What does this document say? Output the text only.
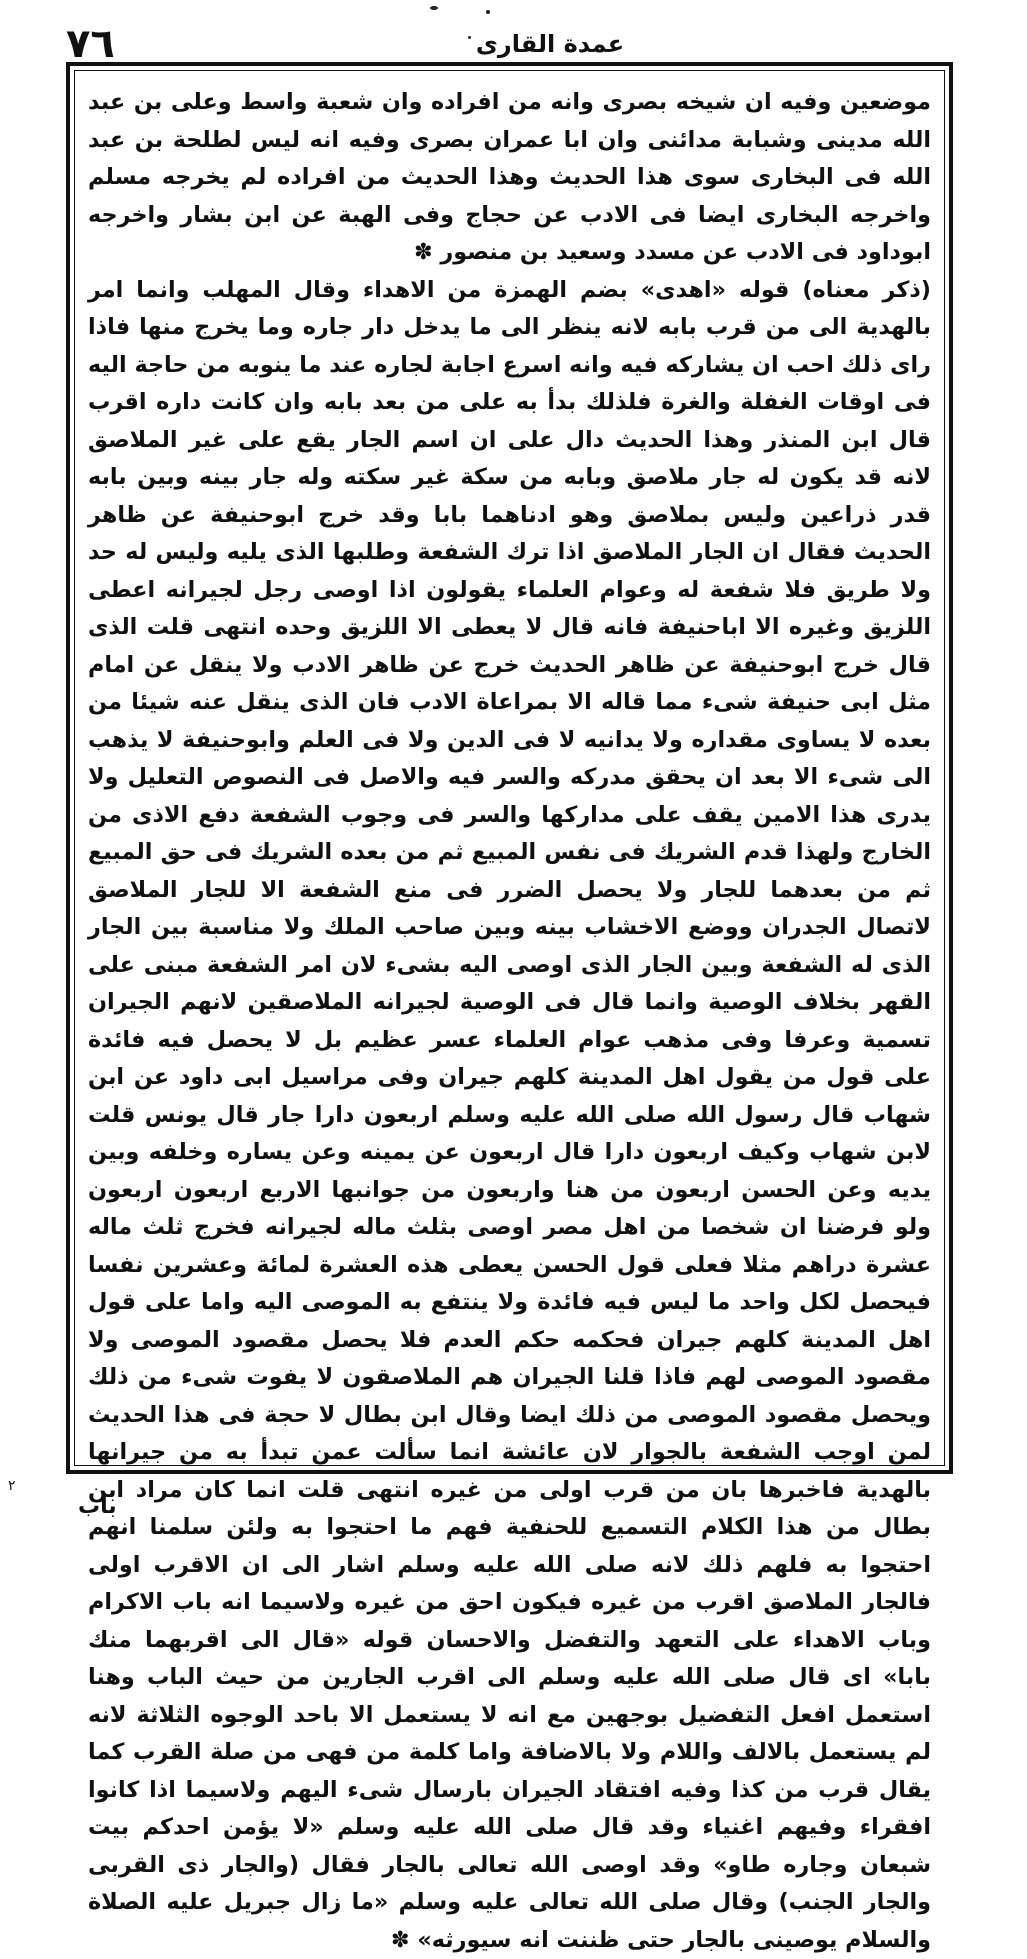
٧٦	عمدة القاری

موضعين وفيه ان شيخه بصرى وانه من افراده وان شعبة واسط وعلى بن عبد الله مدينى وشبابة مدائنى وان ابا عمران بصرى وفيه انه ليس لطلحة بن عبد الله فى البخارى سوى هذا الحديث وهذا الحديث من افراده لم يخرجه مسلم واخرجه البخارى ايضا فى الادب عن حجاج وفى الهبة عن ابن بشار واخرجه ابوداود فى الادب عن مسدد وسعيد بن منصور ✽

(ذكر معناه) قوله «اهدى» بضم الهمزة من الاهداء وقال المهلب وانما امر بالهدية الى من قرب بابه لانه ينظر الى ما يدخل دار جاره وما يخرج منها فاذا راى ذلك احب ان يشاركه فيه وانه اسرع اجابة لجاره عند ما ينوبه من حاجة اليه فى اوقات الغفلة والغرة فلذلك بدأ به على من بعد بابه وان كانت داره اقرب قال ابن المنذر وهذا الحديث دال على ان اسم الجار يقع على غير الملاصق لانه قد يكون له جار ملاصق وبابه من سكة غير سكته وله جار بينه وبين بابه قدر ذراعين وليس بملاصق وهو ادناهما بابا وقد خرج ابوحنيفة عن ظاهر الحديث فقال ان الجار الملاصق اذا ترك الشفعة وطلبها الذى يليه وليس له حد ولا طريق فلا شفعة له وعوام العلماء يقولون اذا اوصى رجل لجيرانه اعطى اللزيق وغيره الا اباحنيفة فانه قال لا يعطى الا اللزيق وحده انتهى قلت الذى قال خرج ابوحنيفة عن ظاهر الحديث خرج عن ظاهر الادب ولا ينقل عن امام مثل ابى حنيفة شىء مما قاله الا بمراعاة الادب فان الذى ينقل عنه شيئا من بعده لا يساوى مقداره ولا يدانيه لا فى الدين ولا فى العلم وابوحنيفة لا يذهب الى شىء الا بعد ان يحقق مدركه والسر فيه والاصل فى النصوص التعليل ولا يدرى هذا الامين يقف على مداركها والسر فى وجوب الشفعة دفع الاذى من الخارج ولهذا قدم الشريك فى نفس المبيع ثم من بعده الشريك فى حق المبيع ثم من بعدهما للجار ولا يحصل الضرر فى منع الشفعة الا للجار الملاصق لاتصال الجدران ووضع الاخشاب بينه وبين صاحب الملك ولا مناسبة بين الجار الذى له الشفعة وبين الجار الذى اوصى اليه بشىء لان امر الشفعة مبنى على القهر بخلاف الوصية وانما قال فى الوصية لجيرانه الملاصقين لانهم الجيران تسمية وعرفا وفى مذهب عوام العلماء عسر عظيم بل لا يحصل فيه فائدة على قول من يقول اهل المدينة كلهم جيران وفى مراسيل ابى داود عن ابن شهاب قال رسول الله صلى الله عليه وسلم اربعون دارا جار قال يونس قلت لابن شهاب وكيف اربعون دارا قال اربعون عن يمينه وعن يساره وخلفه وبين يديه وعن الحسن اربعون من هنا واربعون من جوانبها الاربع اربعون اربعون ولو فرضنا ان شخصا من اهل مصر اوصى بثلث ماله لجيرانه فخرج ثلث ماله عشرة دراهم مثلا فعلى قول الحسن يعطى هذه العشرة لمائة وعشرين نفسا فيحصل لكل واحد ما ليس فيه فائدة ولا ينتفع به الموصى اليه واما على قول اهل المدينة كلهم جيران فحكمه حكم العدم فلا يحصل مقصود الموصى ولا مقصود الموصى لهم فاذا قلنا الجيران هم الملاصقون لا يفوت شىء من ذلك ويحصل مقصود الموصى من ذلك ايضا وقال ابن بطال لا حجة فى هذا الحديث لمن اوجب الشفعة بالجوار لان عائشة انما سألت عمن تبدأ به من جيرانها بالهدية فاخبرها بان من قرب اولى من غيره انتهى قلت انما كان مراد ابن بطال من هذا الكلام التسميع للحنفية فهم ما احتجوا به ولئن سلمنا انهم احتجوا به فلهم ذلك لانه صلى الله عليه وسلم اشار الى ان الاقرب اولى فالجار الملاصق اقرب من غيره فيكون احق من غيره ولاسيما انه باب الاكرام وباب الاهداء على التعهد والتفضل والاحسان قوله «قال الى اقربهما منك بابا» اى قال صلى الله عليه وسلم الى اقرب الجارين من حيث الباب وهنا استعمل افعل التفضيل بوجهين مع انه لا يستعمل الا باحد الوجوه الثلاثة لانه لم يستعمل بالالف واللام ولا بالاضافة واما كلمة من فهى من صلة القرب كما يقال قرب من كذا وفيه افتقاد الجيران بارسال شىء اليهم ولاسيما اذا كانوا افقراء وفيهم اغنياء وقد قال صلى الله عليه وسلم «لا يؤمن احدكم بيت شبعان وجاره طاو» وقد اوصى الله تعالى بالجار فقال (والجار ذى القربى والجار الجنب) وقال صلى الله تعالى عليه وسلم «ما زال جبريل عليه الصلاة والسلام يوصينى بالجار حتى ظننت انه سيورثه» ✽

٢
باب
